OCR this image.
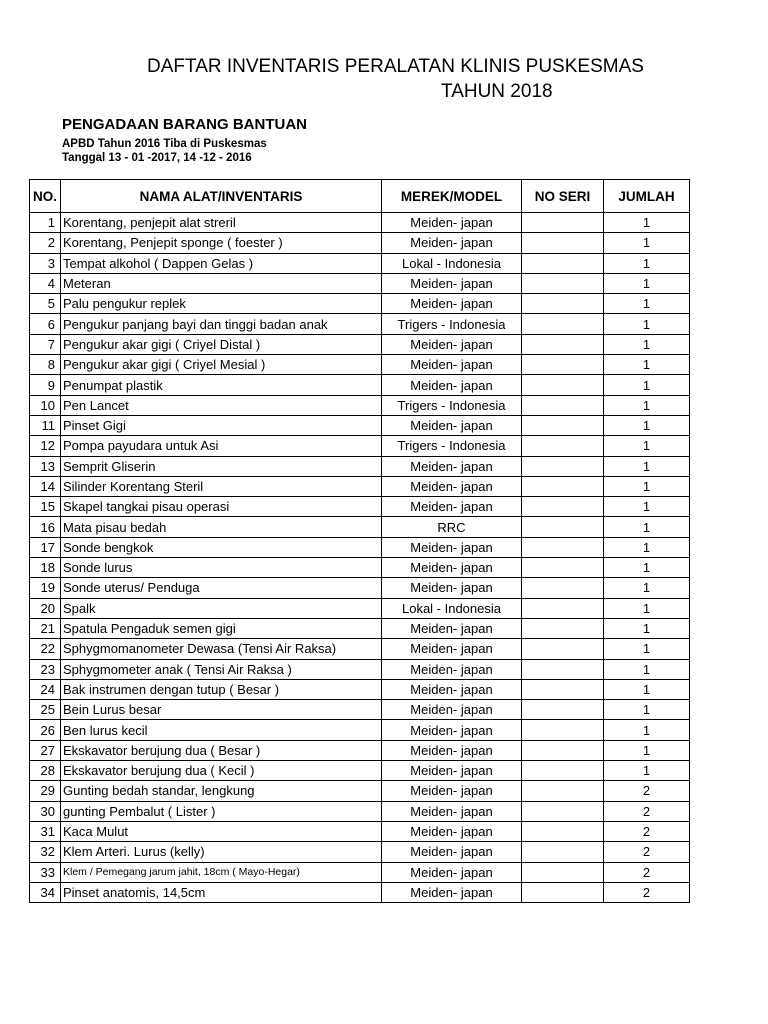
DAFTAR INVENTARIS PERALATAN KLINIS PUSKESMAS
TAHUN 2018
PENGADAAN BARANG BANTUAN
APBD Tahun 2016 Tiba di Puskesmas
Tanggal 13 - 01 -2017, 14 -12 - 2016
NO.	NAMA ALAT/INVENTARIS	MEREK/MODEL	NO SERI	JUMLAH
1	Korentang, penjepit alat streril	Meiden- japan		1
2	Korentang, Penjepit sponge ( foester )	Meiden- japan		1
3	Tempat alkohol ( Dappen Gelas )	Lokal - Indonesia		1
4	Meteran	Meiden- japan		1
5	Palu pengukur replek	Meiden- japan		1
6	Pengukur panjang bayi dan tinggi badan anak	Trigers - Indonesia		1
7	Pengukur akar gigi ( Criyel Distal )	Meiden- japan		1
8	Pengukur akar gigi ( Criyel Mesial )	Meiden- japan		1
9	Penumpat plastik	Meiden- japan		1
10	Pen Lancet	Trigers - Indonesia		1
11	Pinset Gigi	Meiden- japan		1
12	Pompa payudara untuk Asi	Trigers - Indonesia		1
13	Semprit Gliserin	Meiden- japan		1
14	Silinder Korentang Steril	Meiden- japan		1
15	Skapel tangkai pisau operasi	Meiden- japan		1
16	Mata pisau bedah	RRC		1
17	Sonde bengkok	Meiden- japan		1
18	Sonde lurus	Meiden- japan		1
19	Sonde uterus/ Penduga	Meiden- japan		1
20	Spalk	Lokal - Indonesia		1
21	Spatula Pengaduk semen gigi	Meiden- japan		1
22	Sphygmomanometer Dewasa (Tensi Air Raksa)	Meiden- japan		1
23	Sphygmometer anak ( Tensi Air Raksa )	Meiden- japan		1
24	Bak instrumen dengan tutup ( Besar )	Meiden- japan		1
25	Bein Lurus besar	Meiden- japan		1
26	Ben lurus kecil	Meiden- japan		1
27	Ekskavator berujung dua ( Besar )	Meiden- japan		1
28	Ekskavator berujung dua ( Kecil )	Meiden- japan		1
29	Gunting bedah standar, lengkung	Meiden- japan		2
30	gunting Pembalut ( Lister )	Meiden- japan		2
31	Kaca Mulut	Meiden- japan		2
32	Klem Arteri. Lurus (kelly)	Meiden- japan		2
33	Klem / Pemegang jarum jahit, 18cm ( Mayo-Hegar)	Meiden- japan		2
34	Pinset anatomis, 14,5cm	Meiden- japan		2
